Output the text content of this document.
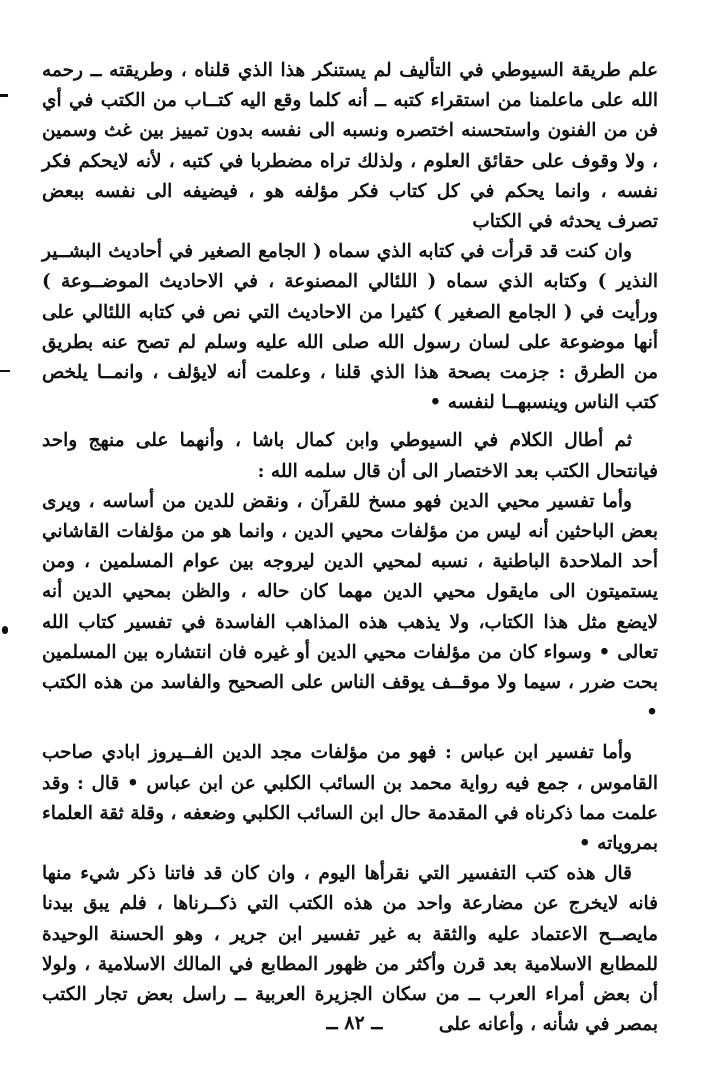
علم طريقة السيوطي في التأليف لم يستنكر هذا الذي قلناه ، وطريقته ــ رحمه الله على ماعلمنا من استقراء كتبه ــ أنه كلما وقع اليه كتــاب من الكتب في أي فن من الفنون واستحسنه اختصره ونسبه الى نفسه بدون تمييز بين غث وسمين ، ولا وقوف على حقائق العلوم ، ولذلك تراه مضطربا في كتبه ، لأنه لايحكم فكر نفسه ، وانما يحكم في كل كتاب فكر مؤلفه هو ، فيضيفه الى نفسه ببعض تصرف يحدثه في الكتاب

وان كنت قد قرأت في كتابه الذي سماه ( الجامع الصغير في أحاديث البشــير النذير ) وكتابه الذي سماه ( اللئالي المصنوعة ، في الاحاديث الموضــوعة ) ورأيت في ( الجامع الصغير ) كثيرا من الاحاديث التي نص في كتابه اللئالي على أنها موضوعة على لسان رسول الله صلى الله عليه وسلم لم تصح عنه بطريق من الطرق : جزمت بصحة هذا الذي قلنا ، وعلمت أنه لايؤلف ، وانمــا يلخص كتب الناس وينسبهــا لنفسه •

ثم أطال الكلام في السيوطي وابن كمال باشا ، وأنهما على منهج واحد فيانتحال الكتب بعد الاختصار الى أن قال سلمه الله :

وأما تفسير محيي الدين فهو مسخ للقرآن ، ونقض للدين من أساسه ، ويرى بعض الباحثين أنه ليس من مؤلفات محيي الدين ، وانما هو من مؤلفات القاشاني أحد الملاحدة الباطنية ، نسبه لمحيي الدين ليروجه بين عوام المسلمين ، ومن يستميتون الى مايقول محيي الدين مهما كان حاله ، والظن بمحيي الدين أنه لايضع مثل هذا الكتاب، ولا يذهب هذه المذاهب الفاسدة في تفسير كتاب الله تعالى • وسواء كان من مؤلفات محيي الدين أو غيره فان انتشاره بين المسلمين بحت ضرر ، سيما ولا موقــف يوقف الناس على الصحيح والفاسد من هذه الكتب •

وأما تفسير ابن عباس : فهو من مؤلفات مجد الدين الفــيروز ابادي صاحب القاموس ، جمع فيه رواية محمد بن السائب الكلبي عن ابن عباس • قال : وقد علمت مما ذكرناه في المقدمة حال ابن السائب الكلبي وضعفه ، وقلة ثقة العلماء بمروياته •

قال هذه كتب التفسير التي نقرأها اليوم ، وان كان قد فاتنا ذكر شيء منها فانه لايخرج عن مضارعة واحد من هذه الكتب التي ذكــرناها ، فلم يبق بيدنا مايصــح الاعتماد عليه والثقة به غير تفسير ابن جرير ، وهو الحسنة الوحيدة للمطابع الاسلامية بعد قرن وأكثر من ظهور المطابع في المالك الاسلامية ، ولولا أن بعض أمراء العرب ــ من سكان الجزيرة العربية ــ راسل بعض تجار الكتب بمصر في شأنه ، وأعانه على

ــ ٨٢ ــ
